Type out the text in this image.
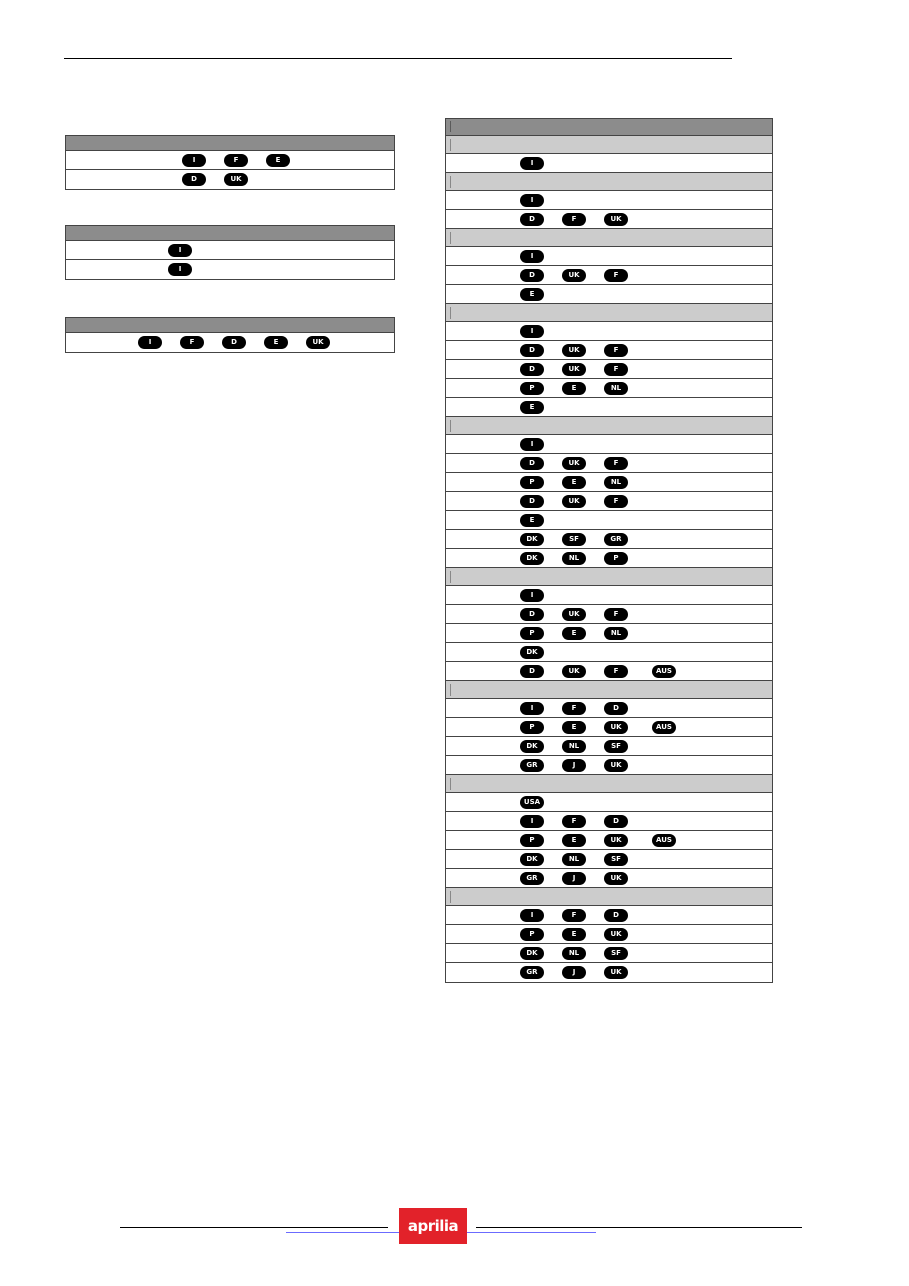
I	F	E
D	UK
I
I
I	F	D	E	UK
I
I
D	F	UK
I
D	UK	F
E
I
D	UK	F
D	UK	F
P	E	NL
E
I
D	UK	F
P	E	NL
D	UK	F
E
DK	SF	GR
DK	NL	P
I
D	UK	F
P	E	NL
DK
D	UK	F	AUS
I	F	D
P	E	UK	AUS
DK	NL	SF
GR	J	UK
USA
I	F	D
P	E	UK	AUS
DK	NL	SF
GR	J	UK
I	F	D
P	E	UK
DK	NL	SF
GR	J	UK
aprilia
